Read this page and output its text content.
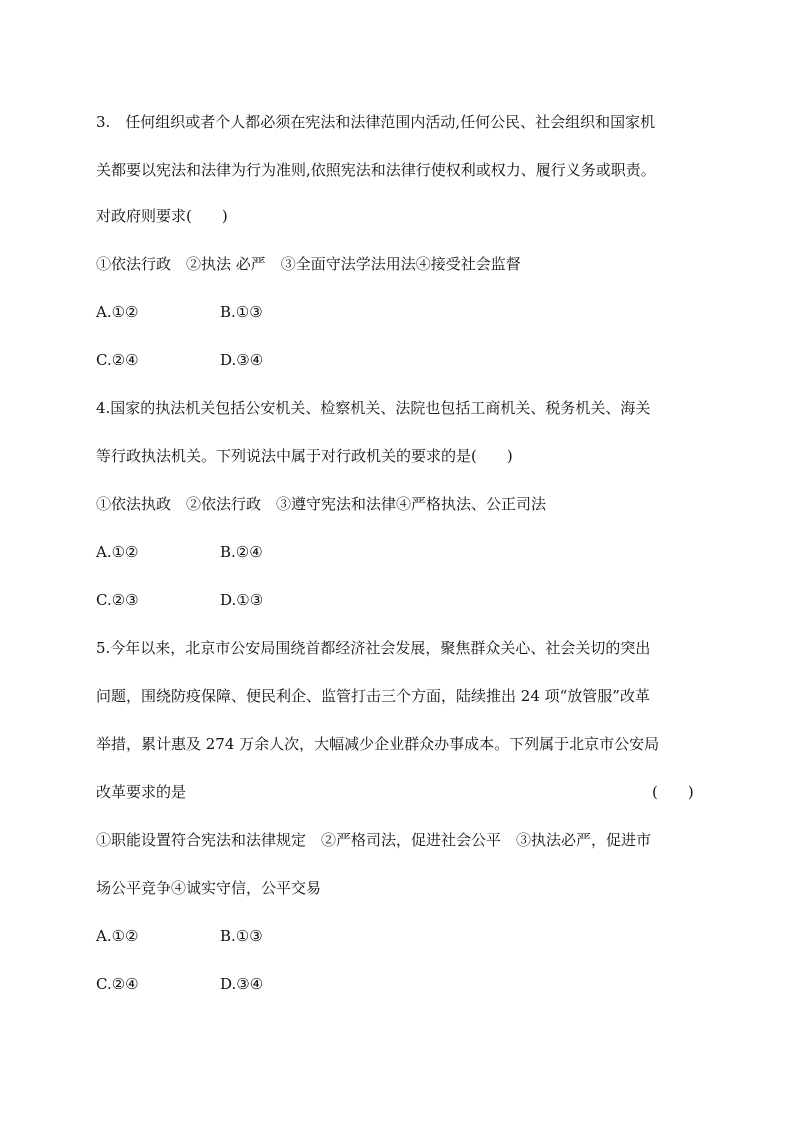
3.　任何组织或者个人都必须在宪法和法律范围内活动,任何公民、社会组织和国家机
关都要以宪法和法律为行为准则,依照宪法和法律行使权利或权力、履行义务或职责。
对政府则要求(　　)
①依法行政　②执法 必严　③全面守法学法用法④接受社会监督
A.①②	B.①③
C.②④	D.③④
4.国家的执法机关包括公安机关、检察机关、法院也包括工商机关、税务机关、海关
等行政执法机关。下列说法中属于对行政机关的要求的是(　　)
①依法执政　②依法行政　③遵守宪法和法律④严格执法、公正司法
A.①②	B.②④
C.②③	D.①③
5.今年以来，北京市公安局围绕首都经济社会发展，聚焦群众关心、社会关切的突出
问题，围绕防疫保障、便民利企、监管打击三个方面，陆续推出 24 项“放管服”改革
举措，累计惠及 274 万余人次，大幅减少企业群众办事成本。下列属于北京市公安局
改革要求的是	(　　)
①职能设置符合宪法和法律规定　②严格司法，促进社会公平　③执法必严，促进市
场公平竞争④诚实守信，公平交易
A.①②	B.①③
C.②④	D.③④
